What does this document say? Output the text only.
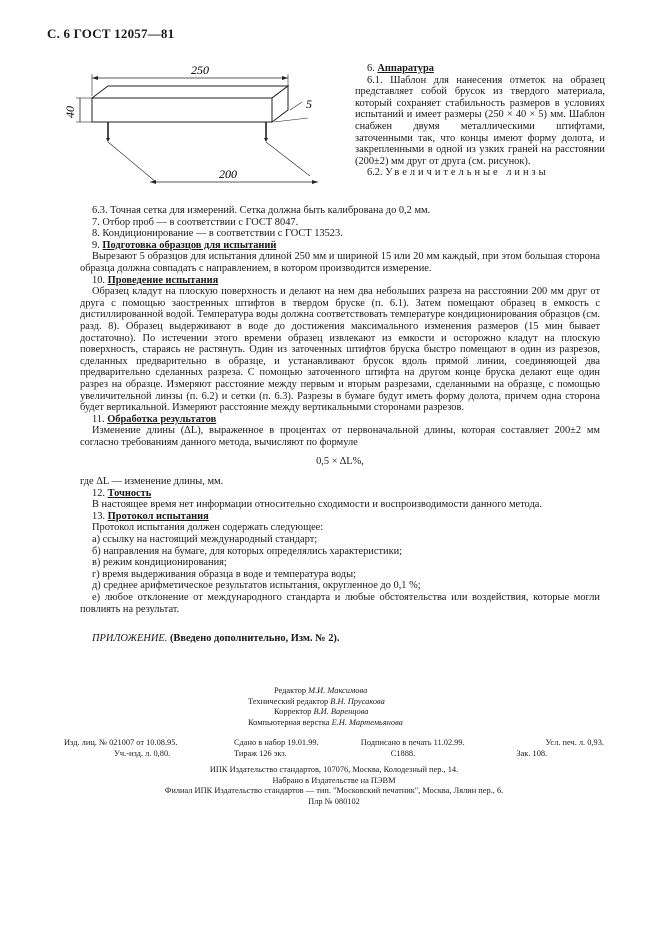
С. 6 ГОСТ 12057—81
250
40
5
200

6. Аппаратура

6.1. Шаблон для нанесения отметок на образец представляет собой брусок из твердого материала, который сохраняет стабильность размеров в условиях испытаний и имеет размеры (250 × 40 × 5) мм. Шаблон снабжен двумя металлическими штифтами, заточенными так, что концы имеют форму долота, и закрепленными в одной из узких граней на расстоянии (200±2) мм друг от друга (см. рисунок).

6.2. Увеличительные линзы

6.3. Точная сетка для измерений. Сетка должна быть калибрована до 0,2 мм.

7. Отбор проб — в соответствии с ГОСТ 8047.

8. Кондиционирование — в соответствии с ГОСТ 13523.

9. Подготовка образцов для испытаний

Вырезают 5 образцов для испытания длиной 250 мм и шириной 15 или 20 мм каждый, при этом большая сторона образца должна совпадать с направлением, в котором производится измерение.

10. Проведение испытания

Образец кладут на плоскую поверхность и делают на нем два небольших разреза на расстоянии 200 мм друг от друга с помощью заостренных штифтов в твердом бруске (п. 6.1). Затем помещают образец в емкость с дистиллированной водой. Температура воды должна соответствовать температуре кондиционирования образцов (см. разд. 8). Образец выдерживают в воде до достижения максимального изменения размеров (15 мин бывает достаточно). По истечении этого времени образец извлекают из емкости и осторожно кладут на плоскую поверхность, стараясь не растянуть. Один из заточенных штифтов бруска быстро помещают в один из разрезов, сделанных предварительно в образце, и устанавливают брусок вдоль прямой линии, соединяющей два предварительно сделанных разреза. С помощью заточенного штифта на другом конце бруска делают еще один разрез на образце. Измеряют расстояние между первым и вторым разрезами, сделанными на образце, с помощью увеличительной линзы (п. 6.2) и сетки (п. 6.3). Разрезы в бумаге будут иметь форму долота, причем одна сторона будет вертикальной. Измеряют расстояние между вертикальными сторонами разрезов.

11. Обработка результатов

Изменение длины (ΔL), выраженное в процентах от первоначальной длины, которая составляет 200±2 мм согласно требованиям данного метода, вычисляют по формуле

0,5 × ΔL%,

где ΔL — изменение длины, мм.

12. Точность

В настоящее время нет информации относительно сходимости и воспроизводимости данного метода.

13. Протокол испытания

Протокол испытания должен содержать следующее:

а) ссылку на настоящий международный стандарт;

б) направления на бумаге, для которых определялись характеристики;

в) режим кондиционирования;

г) время выдерживания образца в воде и температура воды;

д) среднее арифметическое результатов испытания, округленное до 0,1 %;

е) любое отклонение от международного стандарта и любые обстоятельства или воздействия, которые могли повлиять на результат.

ПРИЛОЖЕНИЕ. (Введено дополнительно, Изм. № 2).

Редактор М.И. Максимова
Технический редактор В.Н. Прусакова
Корректор В.И. Варенцова
Компьютерная верстка Е.Н. Мартемьянова
Изд. лиц. № 021007 от 10.08.95.	Сдано в набор 19.01.99.	Подписано в печать 11.02.99.	Усл. печ. л. 0,93.
Уч.-изд. л. 0,80.	Тираж 126 экз.	С1888.	Зак. 108.

ИПК Издательство стандартов, 107076, Москва, Колодезный пер., 14.

Набрано в Издательстве на ПЭВМ

Филиал ИПК Издательство стандартов — тип. "Московский печатник", Москва, Лялин пер., 6.

Плр № 080102
